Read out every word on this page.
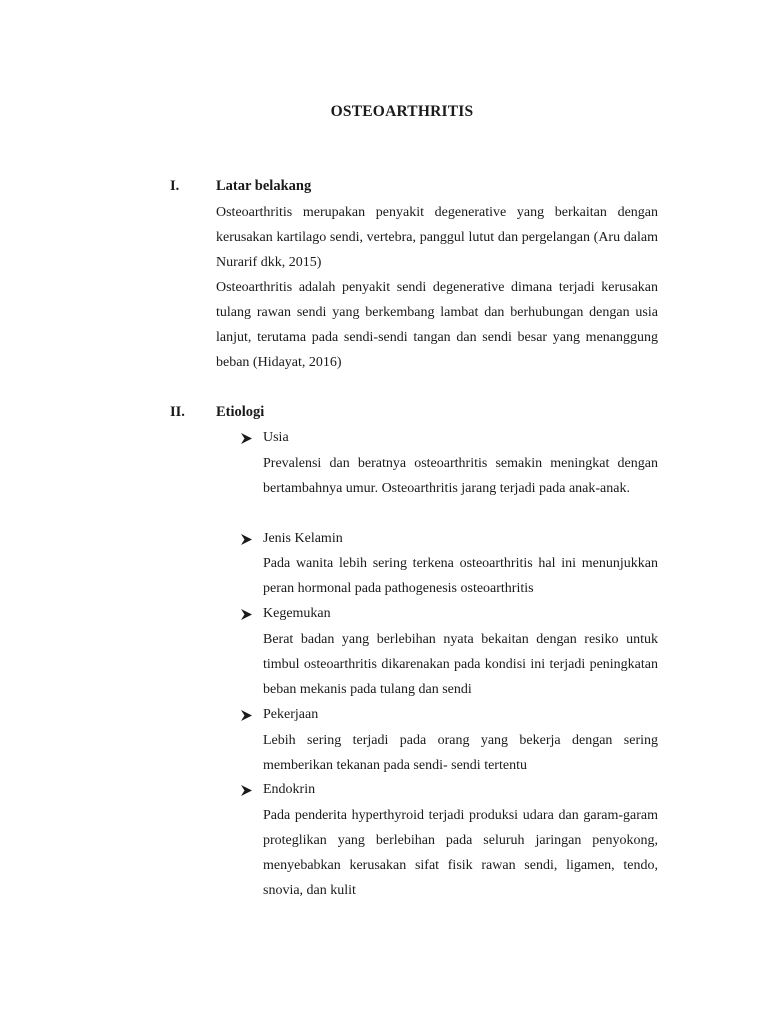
OSTEOARTHRITIS
I.	Latar belakang

Osteoarthritis merupakan penyakit degenerative yang berkaitan dengan kerusakan kartilago sendi, vertebra, panggul lutut dan pergelangan (Aru dalam Nurarif dkk, 2015)

Osteoarthritis adalah penyakit sendi degenerative dimana terjadi kerusakan tulang rawan sendi yang berkembang lambat dan berhubungan dengan usia lanjut, terutama pada sendi-sendi tangan dan sendi besar yang menanggung beban (Hidayat, 2016)

II. Etiologi
Usia

Prevalensi dan beratnya osteoarthritis semakin meningkat dengan bertambahnya umur. Osteoarthritis jarang terjadi pada anak-anak.

Jenis Kelamin

Pada wanita lebih sering terkena osteoarthritis hal ini menunjukkan peran hormonal pada pathogenesis osteoarthritis

Kegemukan

Berat badan yang berlebihan nyata bekaitan dengan resiko untuk timbul osteoarthritis dikarenakan pada kondisi ini terjadi peningkatan beban mekanis pada tulang dan sendi

Pekerjaan

Lebih sering terjadi pada orang yang bekerja dengan sering memberikan tekanan pada sendi- sendi tertentu

Endokrin

Pada penderita hyperthyroid terjadi produksi udara dan garam-garam proteglikan yang berlebihan pada seluruh jaringan penyokong, menyebabkan kerusakan sifat fisik rawan sendi, ligamen, tendo, snovia, dan kulit
